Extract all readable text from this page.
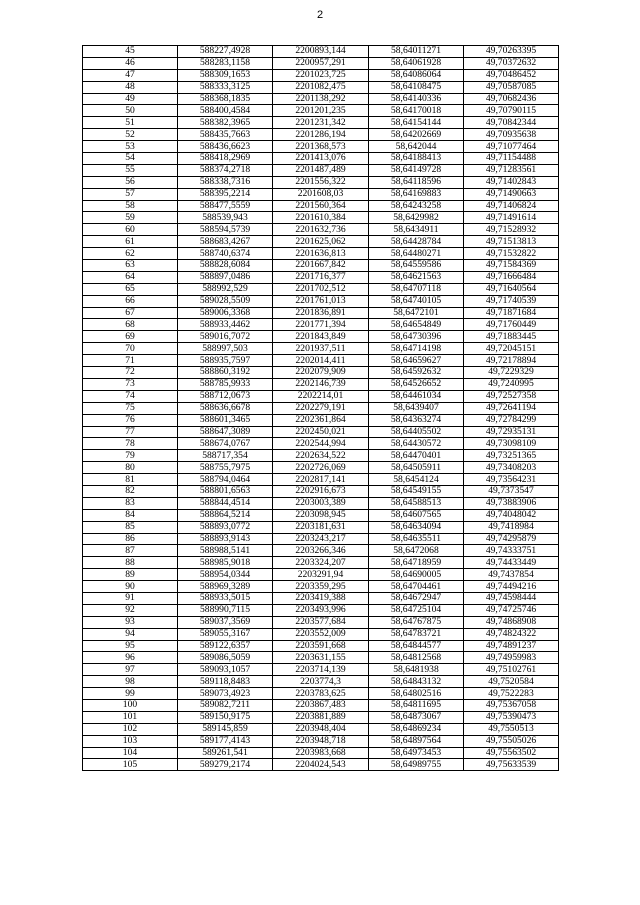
2
45	588227,4928	2200893,144	58,64011271	49,70263395
46	588283,1158	2200957,291	58,64061928	49,70372632
47	588309,1653	2201023,725	58,64086064	49,70486452
48	588333,3125	2201082,475	58,64108475	49,70587085
49	588368,1835	2201138,292	58,64140336	49,70682436
50	588400,4584	2201201,235	58,64170018	49,70790115
51	588382,3965	2201231,342	58,64154144	49,70842344
52	588435,7663	2201286,194	58,64202669	49,70935638
53	588436,6623	2201368,573	58,642044	49,71077464
54	588418,2969	2201413,076	58,64188413	49,71154488
55	588374,2718	2201487,489	58,64149728	49,71283561
56	588338,7316	2201556,322	58,64118596	49,71402843
57	588395,2214	2201608,03	58,64169883	49,71490663
58	588477,5559	2201560,364	58,64243258	49,71406824
59	588539,943	2201610,384	58,6429982	49,71491614
60	588594,5739	2201632,736	58,6434911	49,71528932
61	588683,4267	2201625,062	58,64428784	49,71513813
62	588740,6374	2201636,813	58,64480271	49,71532822
63	588828,6084	2201667,842	58,64559586	49,71584369
64	588897,0486	2201716,377	58,64621563	49,71666484
65	588992,529	2201702,512	58,64707118	49,71640564
66	589028,5509	2201761,013	58,64740105	49,71740539
67	589006,3368	2201836,891	58,6472101	49,71871684
68	588933,4462	2201771,394	58,64654849	49,71760449
69	589016,7072	2201843,849	58,64730396	49,71883445
70	588997,503	2201937,511	58,64714198	49,72045151
71	588935,7597	2202014,411	58,64659627	49,72178894
72	588860,3192	2202079,909	58,64592632	49,7229329
73	588785,9933	2202146,739	58,64526652	49,7240995
74	588712,0673	2202214,01	58,64461034	49,72527358
75	588636,6678	2202279,191	58,6439407	49,72641194
76	588601,3465	2202361,864	58,64363274	49,72784299
77	588647,3089	2202450,021	58,64405502	49,72935131
78	588674,0767	2202544,994	58,64430572	49,73098109
79	588717,354	2202634,522	58,64470401	49,73251365
80	588755,7975	2202726,069	58,64505911	49,73408203
81	588794,0464	2202817,141	58,6454124	49,73564231
82	588801,6563	2202916,673	58,64549155	49,7373547
83	588844,4514	2203003,389	58,64588513	49,73883906
84	588864,5214	2203098,945	58,64607565	49,74048042
85	588893,0772	2203181,631	58,64634094	49,7418984
86	588893,9143	2203243,217	58,64635511	49,74295879
87	588988,5141	2203266,346	58,6472068	49,74333751
88	588985,9018	2203324,207	58,64718959	49,74433449
89	588954,0344	2203291,94	58,64690005	49,7437854
90	588969,3289	2203359,295	58,64704461	49,74494216
91	588933,5015	2203419,388	58,64672947	49,74598444
92	588990,7115	2203493,996	58,64725104	49,74725746
93	589037,3569	2203577,684	58,64767875	49,74868908
94	589055,3167	2203552,009	58,64783721	49,74824322
95	589122,6357	2203591,668	58,64844577	49,74891237
96	589086,5059	2203631,155	58,64812568	49,74959983
97	589093,1057	2203714,139	58,6481938	49,75102761
98	589118,8483	2203774,3	58,64843132	49,7520584
99	589073,4923	2203783,625	58,64802516	49,7522283
100	589082,7211	2203867,483	58,64811695	49,75367058
101	589150,9175	2203881,889	58,64873067	49,75390473
102	589145,859	2203948,404	58,64869234	49,7550513
103	589177,4143	2203948,718	58,64897564	49,75505026
104	589261,541	2203983,668	58,64973453	49,75563502
105	589279,2174	2204024,543	58,64989755	49,75633539
